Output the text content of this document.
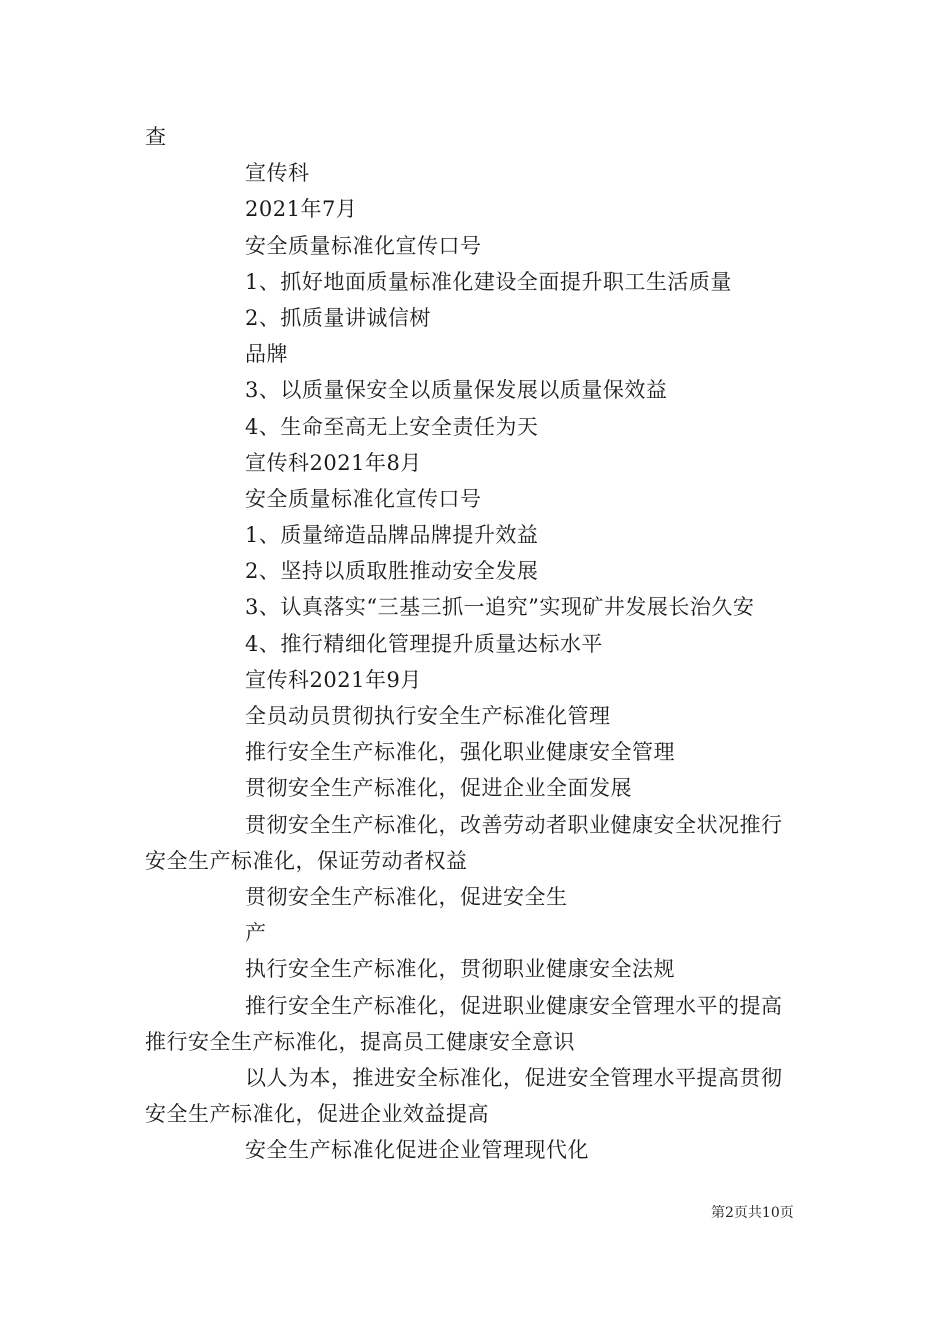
查
宣传科
2021年7月
安全质量标准化宣传口号
1、抓好地面质量标准化建设全面提升职工生活质量
2、抓质量讲诚信树
品牌
3、以质量保安全以质量保发展以质量保效益
4、生命至高无上安全责任为天
宣传科2021年8月
安全质量标准化宣传口号
1、质量缔造品牌品牌提升效益
2、坚持以质取胜推动安全发展
3、认真落实“三基三抓一追究”实现矿井发展长治久安
4、推行精细化管理提升质量达标水平
宣传科2021年9月
全员动员贯彻执行安全生产标准化管理
推行安全生产标准化，强化职业健康安全管理
贯彻安全生产标准化，促进企业全面发展
贯彻安全生产标准化，改善劳动者职业健康安全状况推行
安全生产标准化，保证劳动者权益
贯彻安全生产标准化，促进安全生
产
执行安全生产标准化，贯彻职业健康安全法规
推行安全生产标准化，促进职业健康安全管理水平的提高
推行安全生产标准化，提高员工健康安全意识
以人为本，推进安全标准化，促进安全管理水平提高贯彻
安全生产标准化，促进企业效益提高
安全生产标准化促进企业管理现代化
第2页共10页
